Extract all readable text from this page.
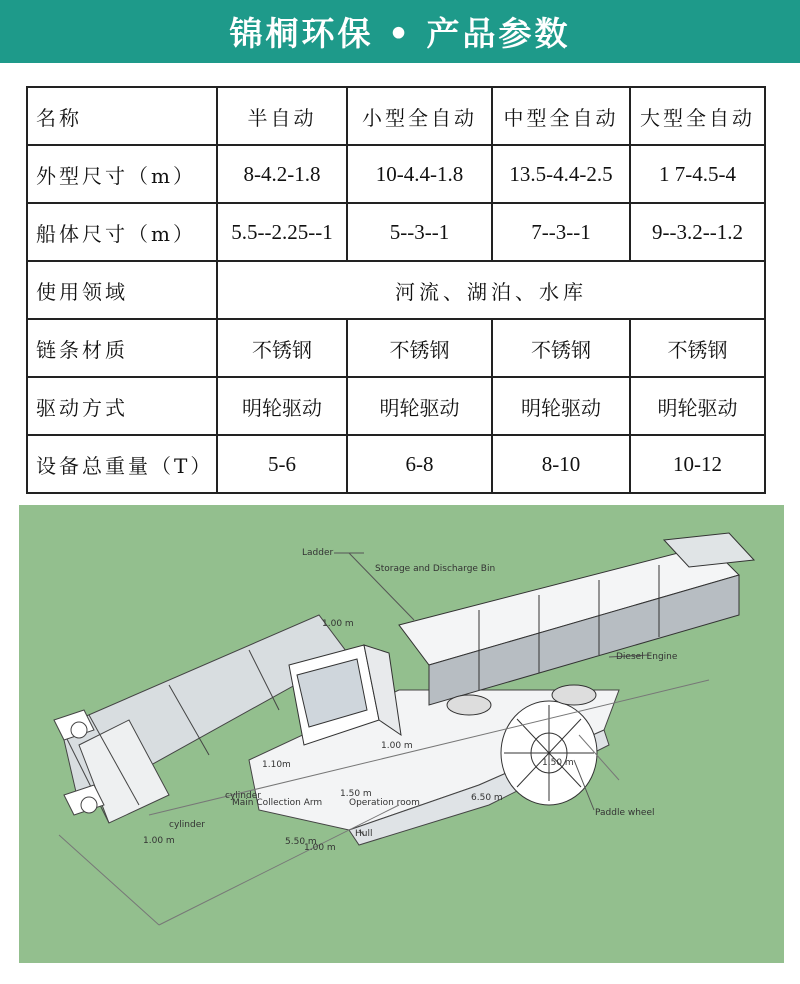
锦桐环保 • 产品参数
名称	半自动	小型全自动	中型全自动	大型全自动
外型尺寸（m）	8-4.2-1.8	10-4.4-1.8	13.5-4.4-2.5	1 7-4.5-4
船体尺寸（m）	5.5--2.25--1	5--3--1	7--3--1	9--3.2--1.2
使用领域	河流、湖泊、水库			
链条材质	不锈钢	不锈钢	不锈钢	不锈钢
驱动方式	明轮驱动	明轮驱动	明轮驱动	明轮驱动
设备总重量（T）	5-6	6-8	8-10	10-12
Ladder
Storage and Discharge Bin
Diesel Engine
Paddle wheel
Operation room
Hull
Main Collection Arm
cylinder
cylinder
1.00 m
1.10m
1.00 m
1.50 m	6.50 m
1.50 m
5.50 m
1.00 m
1.00 m
